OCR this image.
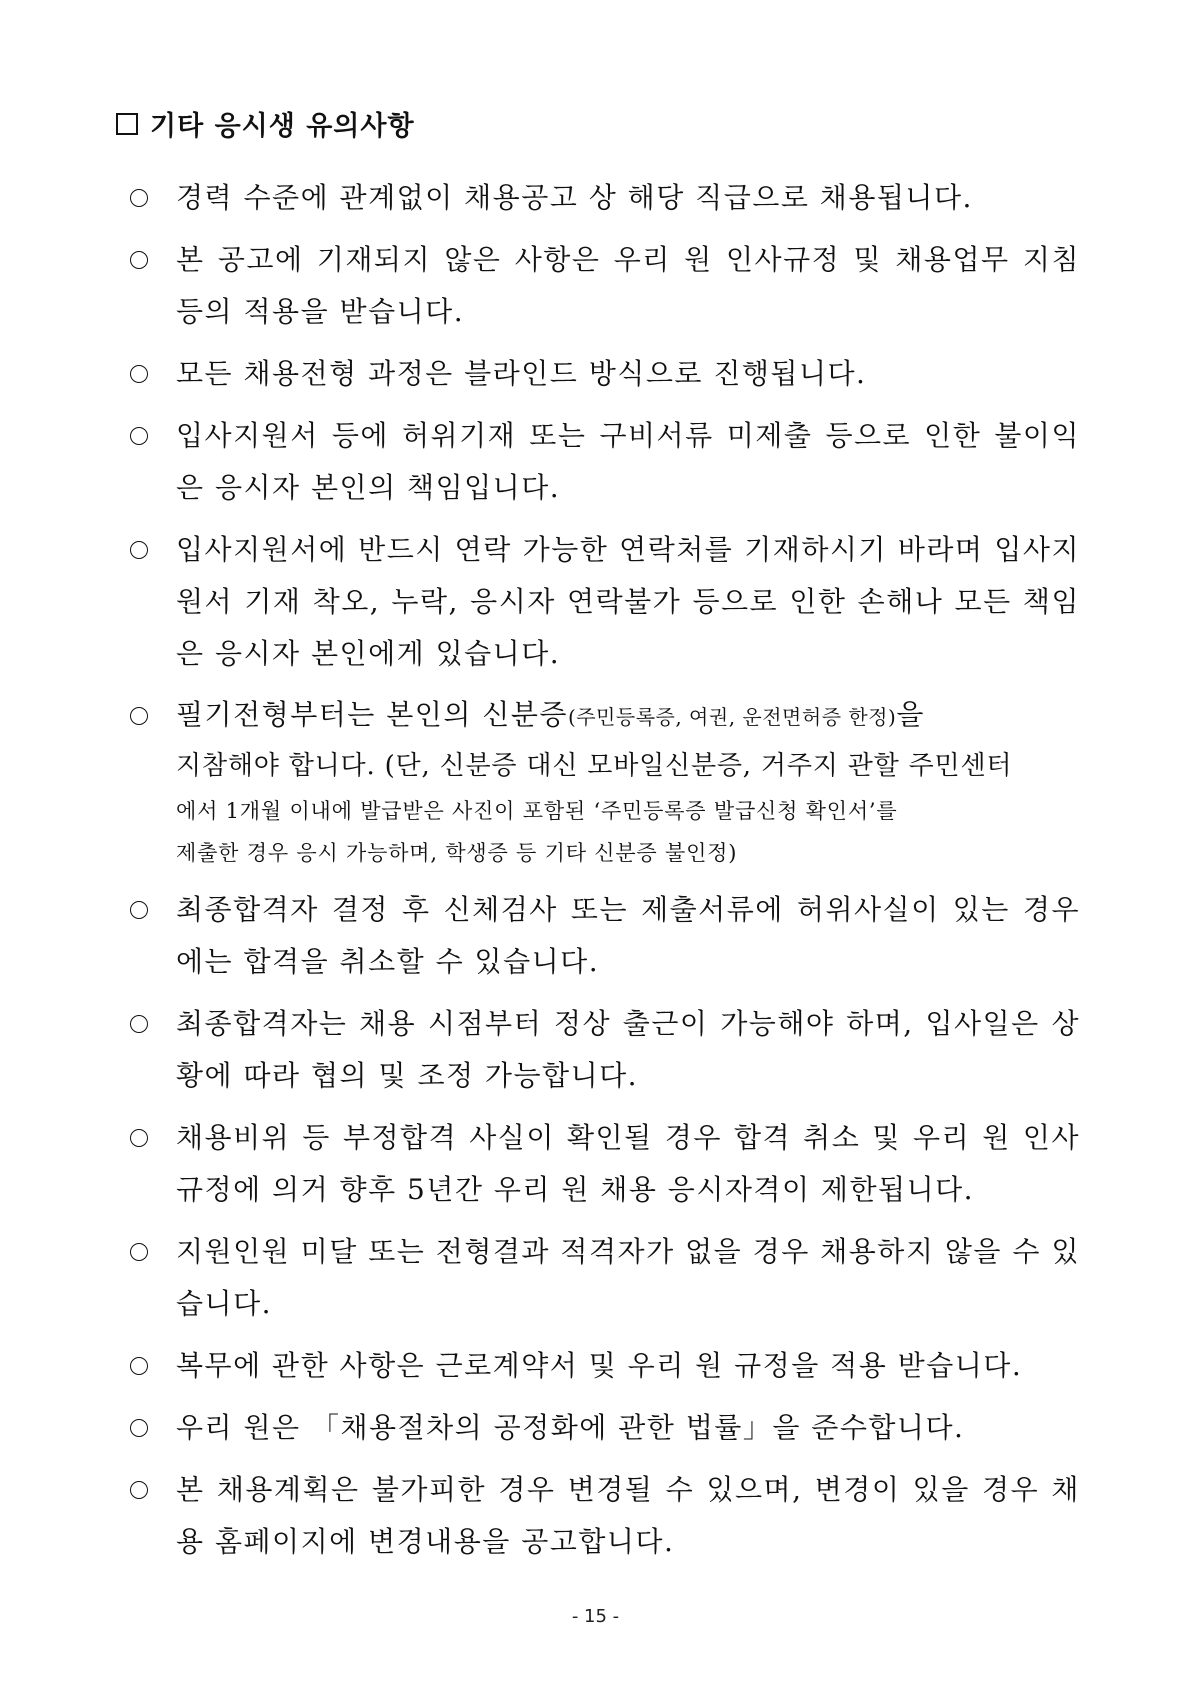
기타 응시생 유의사항
경력 수준에 관계없이 채용공고 상 해당 직급으로 채용됩니다.
본 공고에 기재되지 않은 사항은 우리 원 인사규정 및 채용업무 지침 등의 적용을 받습니다.
모든 채용전형 과정은 블라인드 방식으로 진행됩니다.
입사지원서 등에 허위기재 또는 구비서류 미제출 등으로 인한 불이익은 응시자 본인의 책임입니다.
입사지원서에 반드시 연락 가능한 연락처를 기재하시기 바라며 입사지원서 기재 착오, 누락, 응시자 연락불가 등으로 인한 손해나 모든 책임은 응시자 본인에게 있습니다.
필기전형부터는 본인의 신분증(주민등록증, 여권, 운전면허증 한정)을
지참해야 합니다. (단, 신분증 대신 모바일신분증, 거주지 관할 주민센터
에서 1개월 이내에 발급받은 사진이 포함된 ‘주민등록증 발급신청 확인서’를
제출한 경우 응시 가능하며, 학생증 등 기타 신분증 불인정)
최종합격자 결정 후 신체검사 또는 제출서류에 허위사실이 있는 경우에는 합격을 취소할 수 있습니다.
최종합격자는 채용 시점부터 정상 출근이 가능해야 하며, 입사일은 상황에 따라 협의 및 조정 가능합니다.
채용비위 등 부정합격 사실이 확인될 경우 합격 취소 및 우리 원 인사규정에 의거 향후 5년간 우리 원 채용 응시자격이 제한됩니다.
지원인원 미달 또는 전형결과 적격자가 없을 경우 채용하지 않을 수 있습니다.
복무에 관한 사항은 근로계약서 및 우리 원 규정을 적용 받습니다.
우리 원은 「채용절차의 공정화에 관한 법률」을 준수합니다.
본 채용계획은 불가피한 경우 변경될 수 있으며, 변경이 있을 경우 채용 홈페이지에 변경내용을 공고합니다.
- 15 -
